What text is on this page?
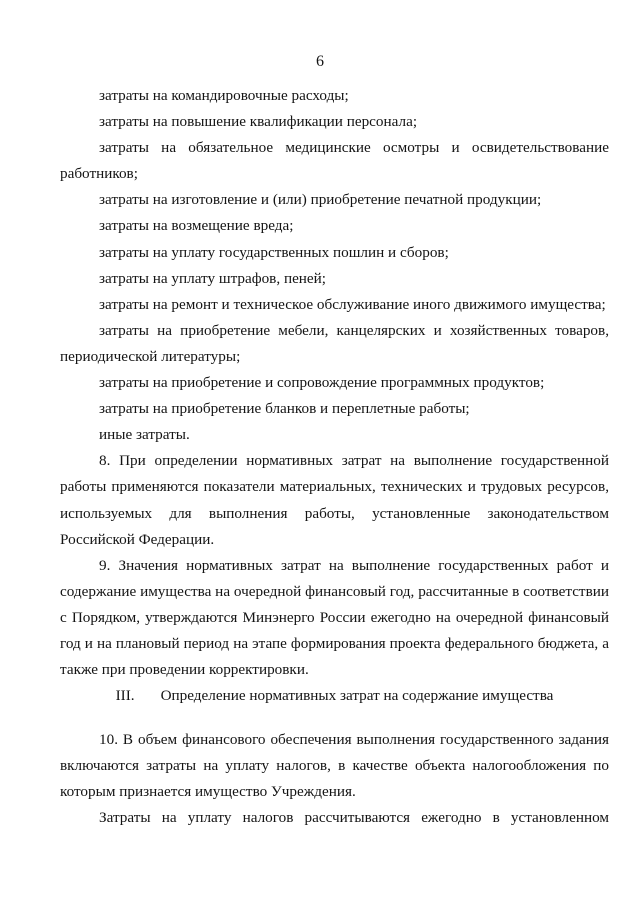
6

затраты на командировочные расходы;

затраты на повышение квалификации персонала;

затраты на обязательное медицинские осмотры и освидетельствование работников;

затраты на изготовление и (или) приобретение печатной продукции;

затраты на возмещение вреда;

затраты на уплату государственных пошлин и сборов;

затраты на уплату штрафов, пеней;

затраты на ремонт и техническое обслуживание иного движимого имущества;

затраты на приобретение мебели, канцелярских и хозяйственных товаров, периодической литературы;

затраты на приобретение и сопровождение программных продуктов;

затраты на приобретение бланков и переплетные работы;

иные затраты.

8. При определении нормативных затрат на выполнение государственной работы применяются показатели материальных, технических и трудовых ресурсов, используемых для выполнения работы, установленные законодательством Российской Федерации.

9. Значения нормативных затрат на выполнение государственных работ и содержание имущества на очередной финансовый год, рассчитанные в соответствии с Порядком, утверждаются Минэнерго России ежегодно на очередной финансовый год и на плановый период на этапе формирования проекта федерального бюджета, а также при проведении корректировки.

III. Определение нормативных затрат на содержание имущества

10. В объем финансового обеспечения выполнения государственного задания включаются затраты на уплату налогов, в качестве объекта налогообложения по которым признается имущество Учреждения.

Затраты на уплату налогов рассчитываются ежегодно в установленном
